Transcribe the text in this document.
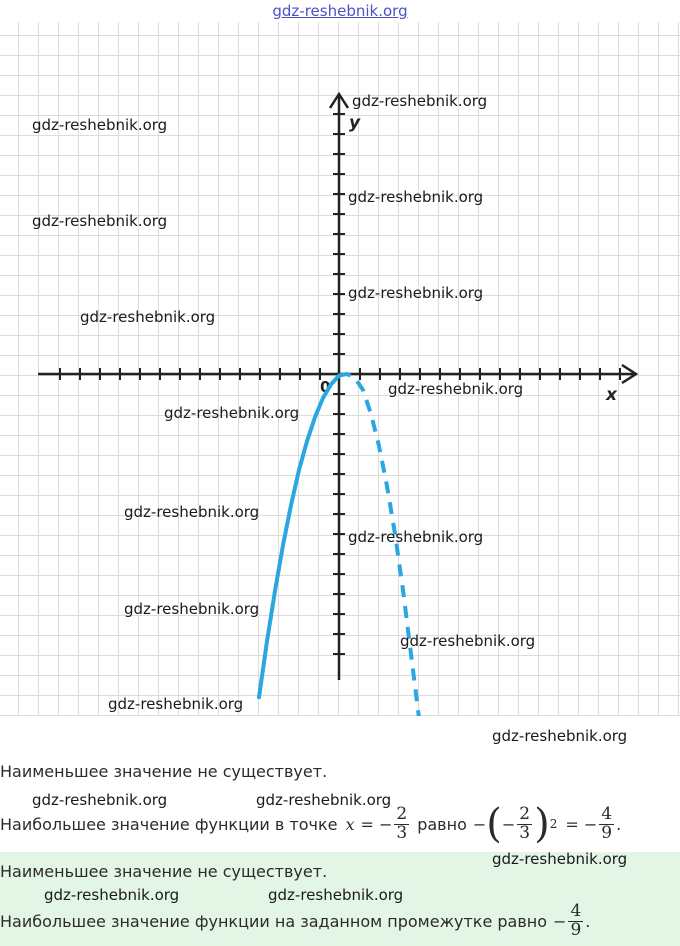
gdz-reshebnik.org
x
y
0
gdz-reshebnik.org
gdz-reshebnik.org
gdz-reshebnik.org
gdz-reshebnik.org
gdz-reshebnik.org
gdz-reshebnik.org
gdz-reshebnik.org
gdz-reshebnik.org
gdz-reshebnik.org
gdz-reshebnik.org
gdz-reshebnik.org
gdz-reshebnik.org
gdz-reshebnik.org
gdz-reshebnik.org
Наименьшее значение не существует.
gdz-reshebnik.org	gdz-reshebnik.org
Наибольшее значение функции в точке x = − $\frac{2}{3}$ равно − ( − $\frac{2}{3}$ ) 2 = − $\frac{4}{9}$ .
Наименьшее значение не существует.
gdz-reshebnik.org
gdz-reshebnik.org	gdz-reshebnik.org
Наибольшее значение функции на заданном промежутке равно − $\frac{4}{9}$ .
